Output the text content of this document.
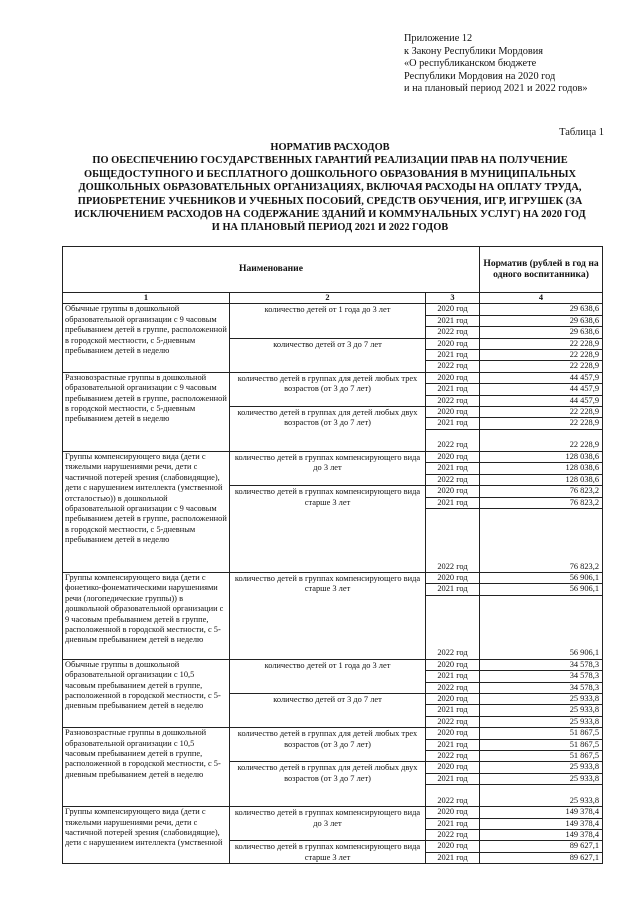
Приложение 12
к Закону Республики Мордовия
«О республиканском бюджете
Республики Мордовия на 2020 год
и на плановый период 2021 и 2022 годов»
Таблица 1
НОРМАТИВ РАСХОДОВ
ПО ОБЕСПЕЧЕНИЮ ГОСУДАРСТВЕННЫХ ГАРАНТИЙ РЕАЛИЗАЦИИ ПРАВ НА ПОЛУЧЕНИЕ
ОБЩЕДОСТУПНОГО И БЕСПЛАТНОГО ДОШКОЛЬНОГО ОБРАЗОВАНИЯ В МУНИЦИПАЛЬНЫХ
ДОШКОЛЬНЫХ ОБРАЗОВАТЕЛЬНЫХ ОРГАНИЗАЦИЯХ, ВКЛЮЧАЯ РАСХОДЫ НА ОПЛАТУ ТРУДА,
ПРИОБРЕТЕНИЕ УЧЕБНИКОВ И УЧЕБНЫХ ПОСОБИЙ, СРЕДСТВ ОБУЧЕНИЯ, ИГР, ИГРУШЕК (ЗА
ИСКЛЮЧЕНИЕМ РАСХОДОВ НА СОДЕРЖАНИЕ ЗДАНИЙ И КОММУНАЛЬНЫХ УСЛУГ) НА 2020 ГОД
И НА ПЛАНОВЫЙ ПЕРИОД 2021 И 2022 ГОДОВ
Наименование			Норматив (рублей в год на одного воспитанника)
1	2	3	4
Обычные группы в дошкольной образовательной организации с 9 часовым пребыванием детей в группе, расположенной в городской местности, с 5-дневным пребыванием детей в неделю	количество детей от 1 года до 3 лет	2020 год	29 638,6
		2021 год	29 638,6
		2022 год	29 638,6
	количество детей от 3 до 7 лет	2020 год	22 228,9
		2021 год	22 228,9
		2022 год	22 228,9
Разновозрастные группы в дошкольной образовательной организации с 9 часовым пребыванием детей в группе, расположенной в городской местности, с 5-дневным пребыванием детей в неделю	количество детей в группах для детей любых трех возрастов (от 3 до 7 лет)	2020 год	44 457,9
		2021 год	44 457,9
		2022 год	44 457,9
	количество детей в группах для детей любых двух возрастов (от 3 до 7 лет)	2020 год	22 228,9
		2021 год	22 228,9
		2022 год	22 228,9
Группы компенсирующего вида (дети с тяжелыми нарушениями речи, дети с частичной потерей зрения (слабовидящие), дети с нарушением интеллекта (умственной отсталостью)) в дошкольной образовательной организации с 9 часовым пребыванием детей в группе, расположенной в городской местности, с 5-дневным пребыванием детей в неделю	количество детей в группах компенсирующего вида до 3 лет	2020 год	128 038,6
		2021 год	128 038,6
		2022 год	128 038,6
	количество детей в группах компенсирующего вида старше 3 лет	2020 год	76 823,2
		2021 год	76 823,2
		2022 год	76 823,2
Группы компенсирующего вида (дети с фонетико-фонематическими нарушениями речи (логопедические группы)) в дошкольной образовательной организации с 9 часовым пребыванием детей в группе, расположенной в городской местности, с 5-дневным пребыванием детей в неделю	количество детей в группах компенсирующего вида старше 3 лет	2020 год	56 906,1
		2021 год	56 906,1
		2022 год	56 906,1
Обычные группы в дошкольной образовательной организации с 10,5 часовым пребыванием детей в группе, расположенной в городской местности, с 5-дневным пребыванием детей в неделю	количество детей от 1 года до 3 лет	2020 год	34 578,3
		2021 год	34 578,3
		2022 год	34 578,3
	количество детей от 3 до 7 лет	2020 год	25 933,8
		2021 год	25 933,8
		2022 год	25 933,8
Разновозрастные группы в дошкольной образовательной организации с 10,5 часовым пребыванием детей в группе, расположенной в городской местности, с 5-дневным пребыванием детей в неделю	количество детей в группах для детей любых трех возрастов (от 3 до 7 лет)	2020 год	51 867,5
		2021 год	51 867,5
		2022 год	51 867,5
	количество детей в группах для детей любых двух возрастов (от 3 до 7 лет)	2020 год	25 933,8
		2021 год	25 933,8
		2022 год	25 933,8
Группы компенсирующего вида (дети с тяжелыми нарушениями речи, дети с частичной потерей зрения (слабовидящие), дети с нарушением интеллекта (умственной	количество детей в группах компенсирующего вида до 3 лет	2020 год	149 378,4
		2021 год	149 378,4
		2022 год	149 378,4
	количество детей в группах компенсирующего вида старше 3 лет	2020 год	89 627,1
		2021 год	89 627,1
